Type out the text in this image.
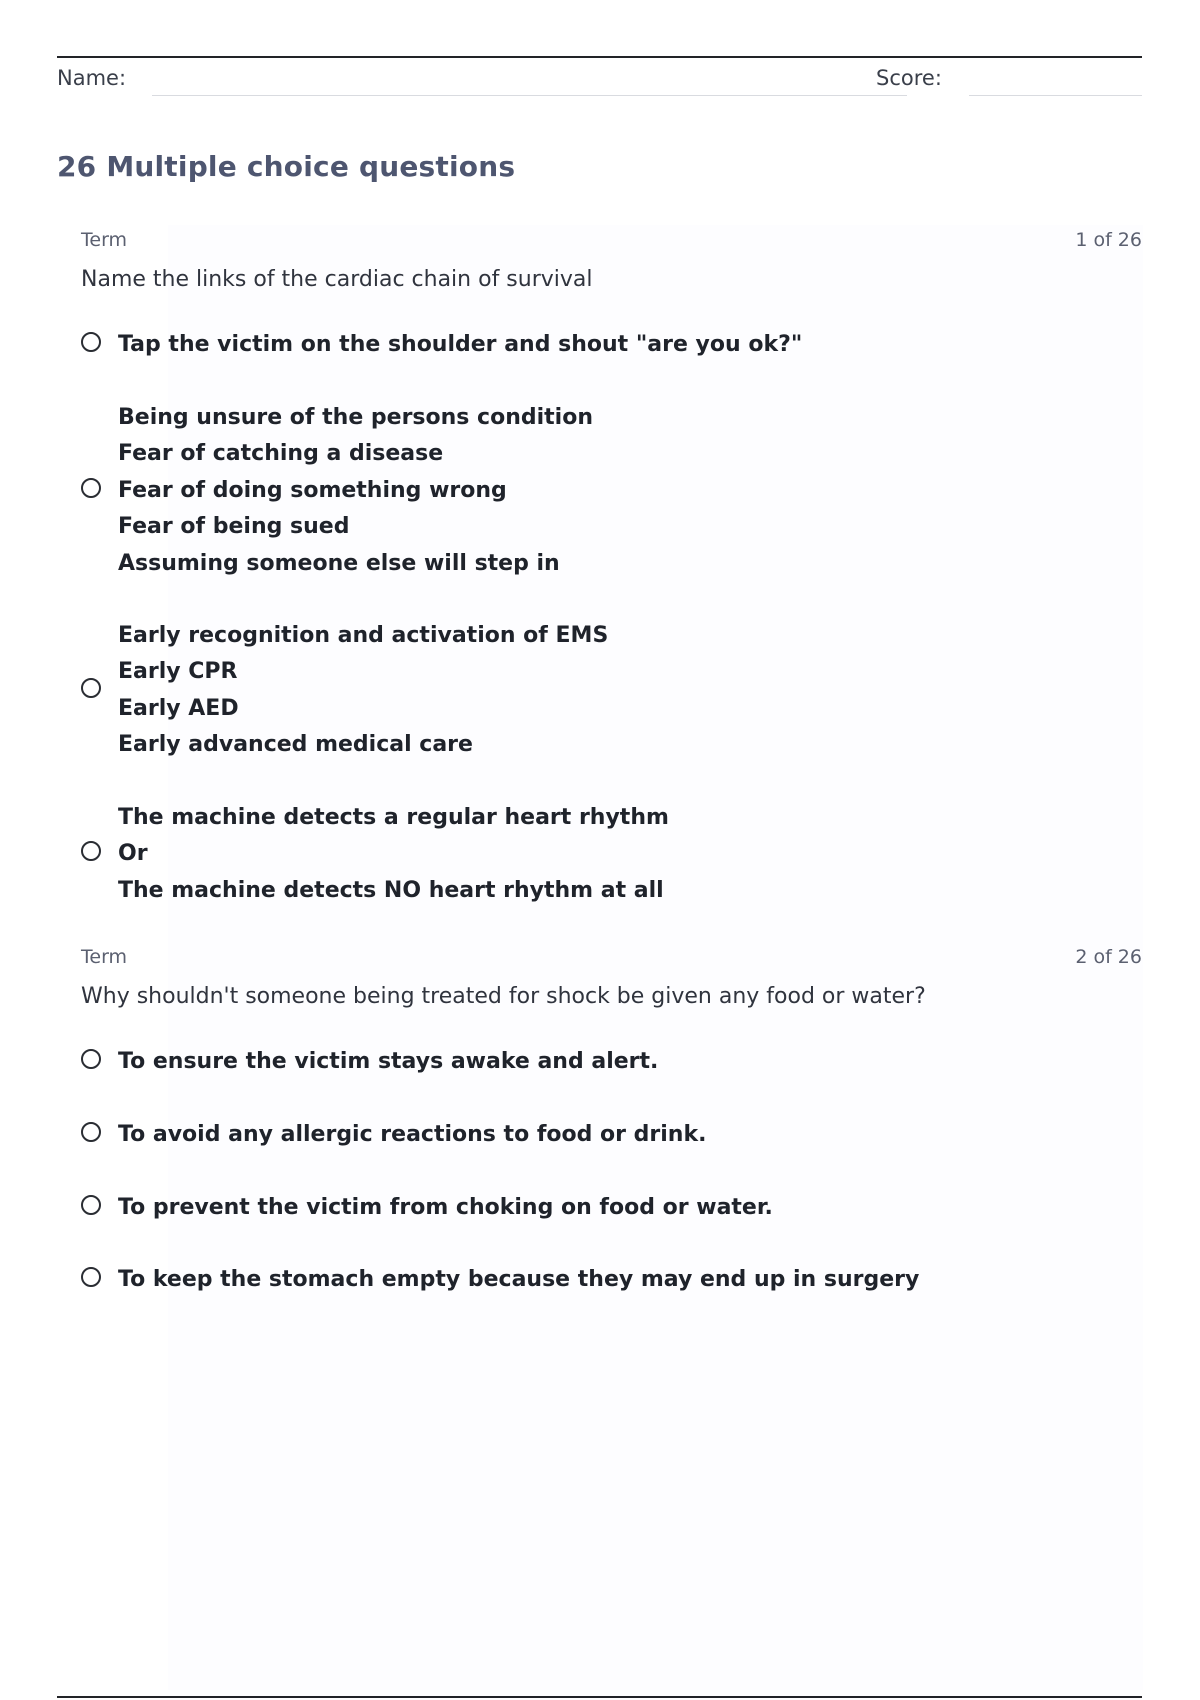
Name:	Score:
26 Multiple choice questions
Term	1 of 26
Name the links of the cardiac chain of survival
Tap the victim on the shoulder and shout "are you ok?"
Being unsure of the persons condition
Fear of catching a disease
Fear of doing something wrong
Fear of being sued
Assuming someone else will step in
Early recognition and activation of EMS
Early CPR
Early AED
Early advanced medical care
The machine detects a regular heart rhythm
Or
The machine detects NO heart rhythm at all
Term	2 of 26
Why shouldn't someone being treated for shock be given any food or water?
To ensure the victim stays awake and alert.
To avoid any allergic reactions to food or drink.
To prevent the victim from choking on food or water.
To keep the stomach empty because they may end up in surgery
